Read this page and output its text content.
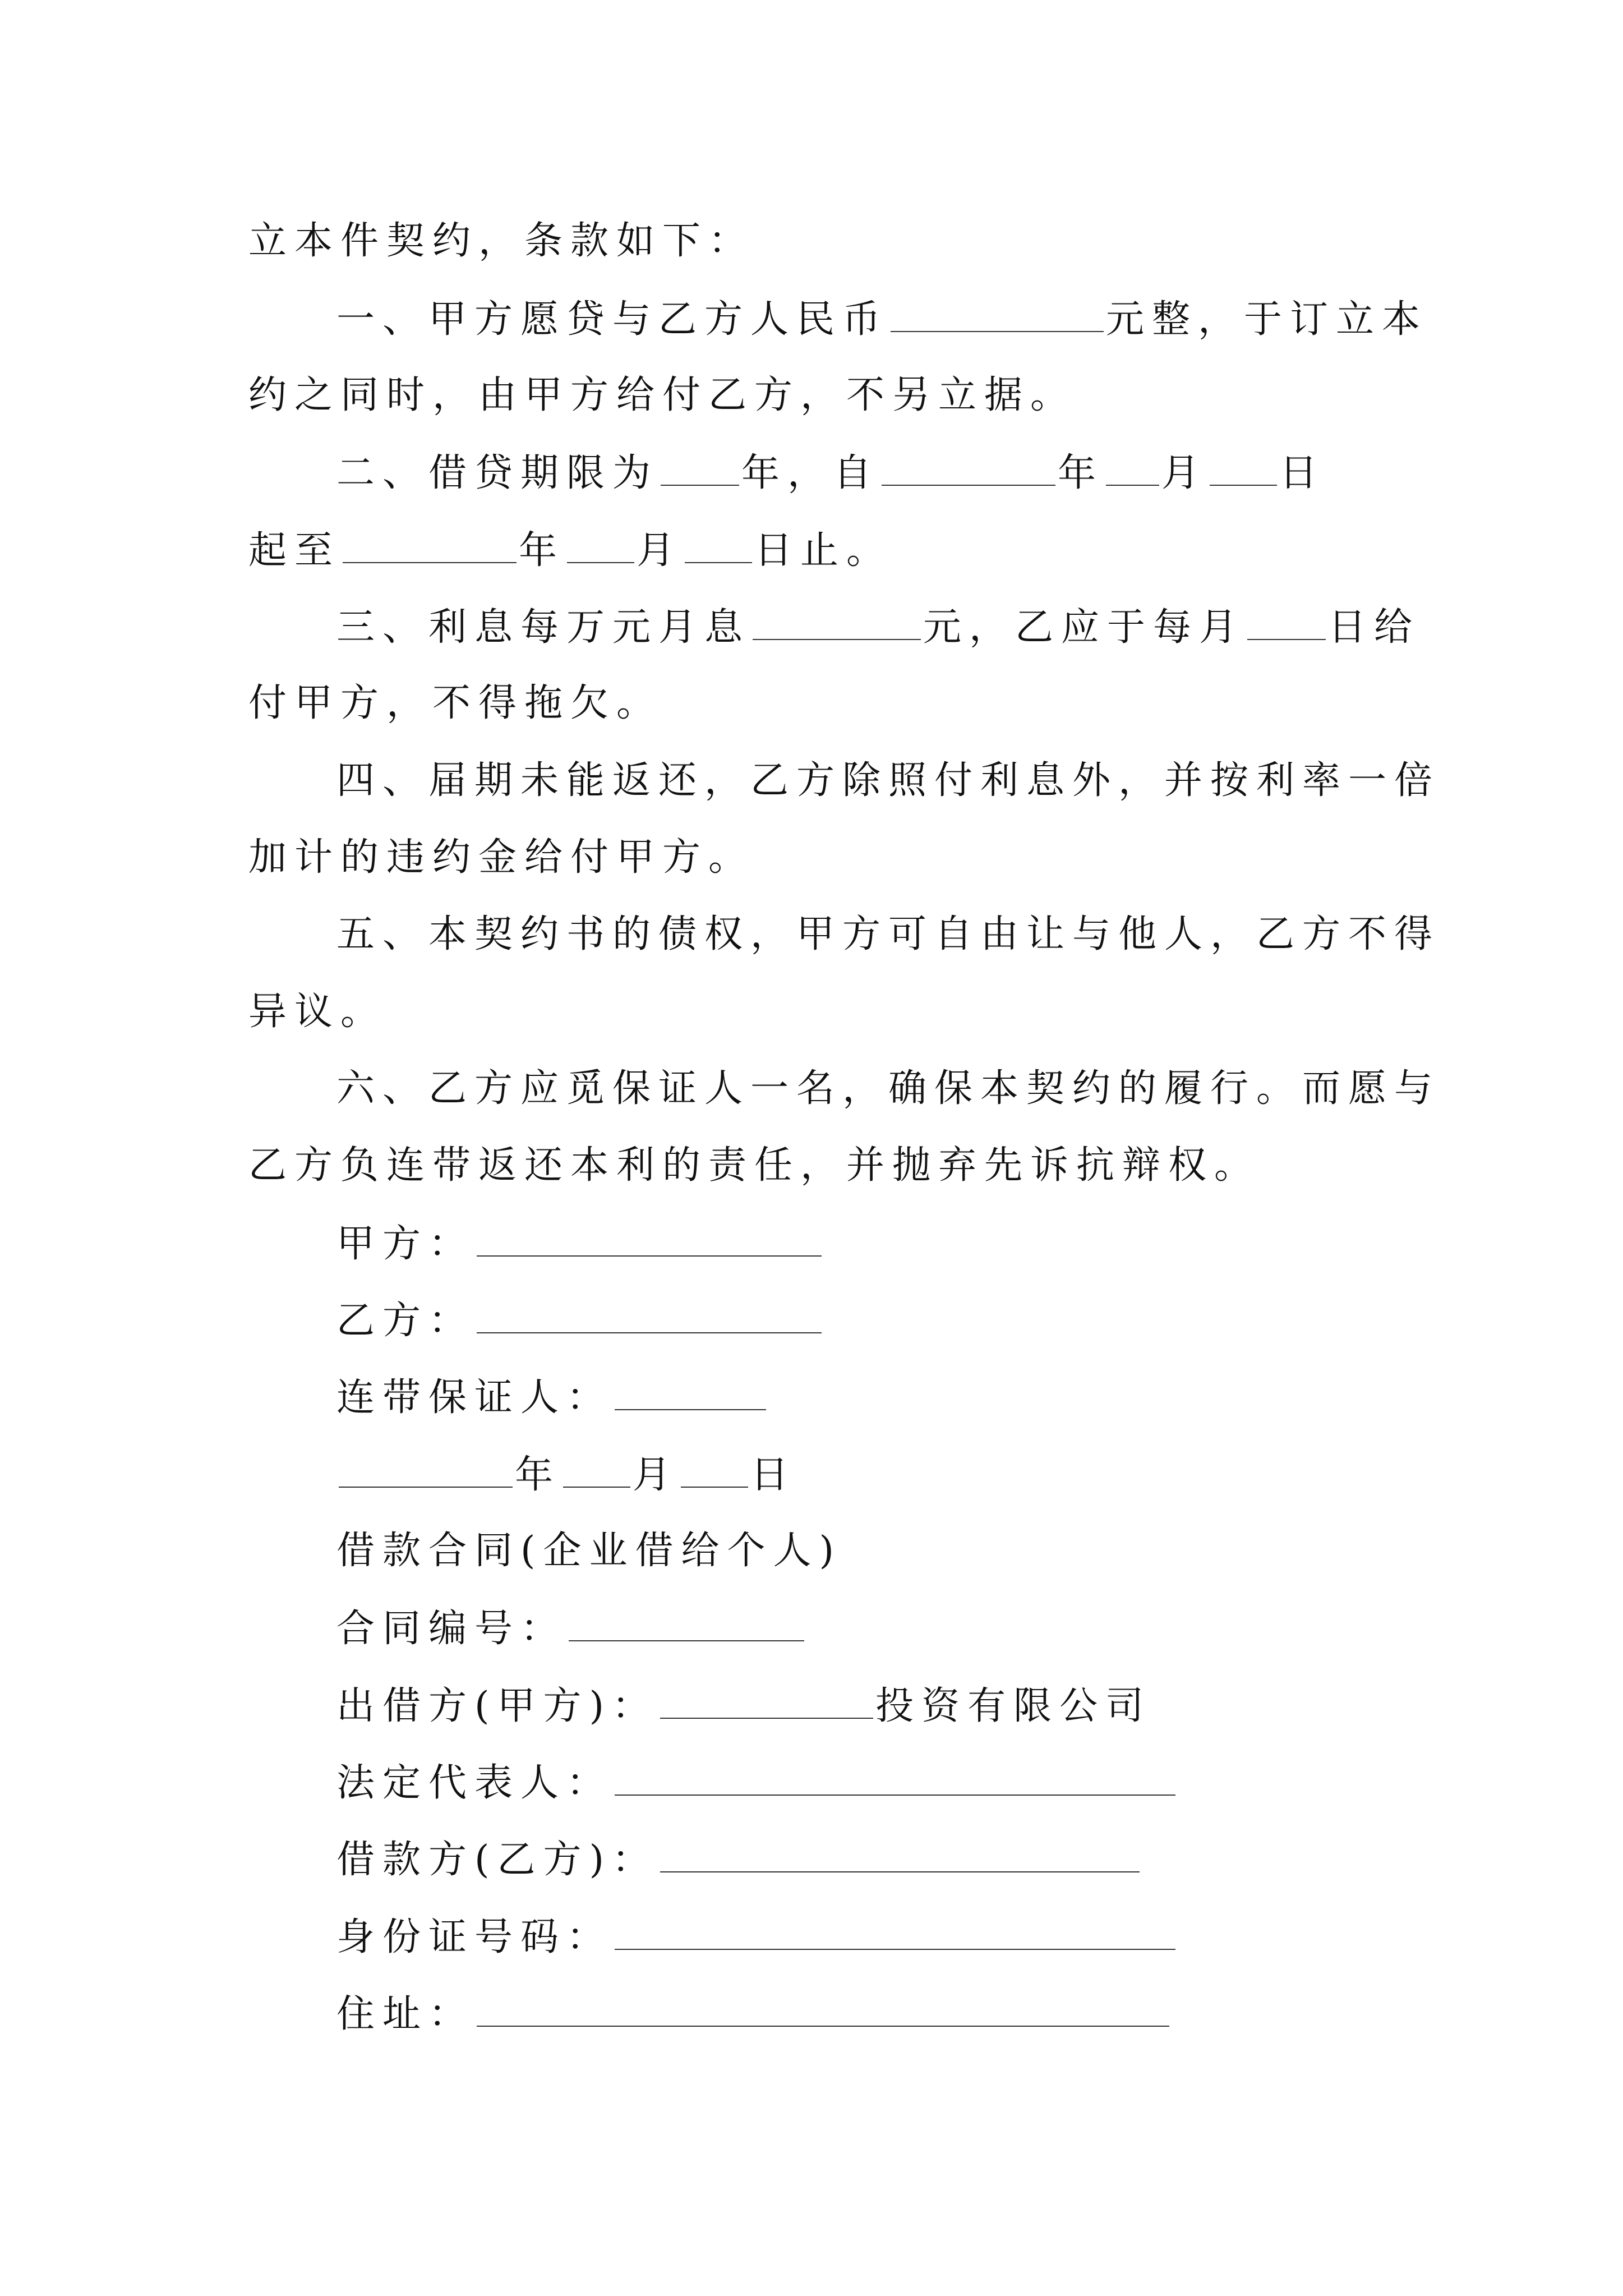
立本件契约，条款如下：
一、甲方愿贷与乙方人民币	元整，于订立本
约之同时，由甲方给付乙方，不另立据。
二、借贷期限为 年，自	年 月 日
起至	年 月 日止。
三、利息每万元月息	元，乙应于每月 日给
付甲方，不得拖欠。
四、届期未能返还，乙方除照付利息外，并按利率一倍
加计的违约金给付甲方。
五、本契约书的债权，甲方可自由让与他人，乙方不得
异议。
六、乙方应觅保证人一名，确保本契约的履行。而愿与
乙方负连带返还本利的责任，并抛弃先诉抗辩权。
甲方：
乙方：
连带保证人：
年 月 日
借款合同(企业借给个人)
合同编号：
出借方(甲方)：	投资有限公司
法定代表人：
借款方(乙方)：
身份证号码：
住址：
